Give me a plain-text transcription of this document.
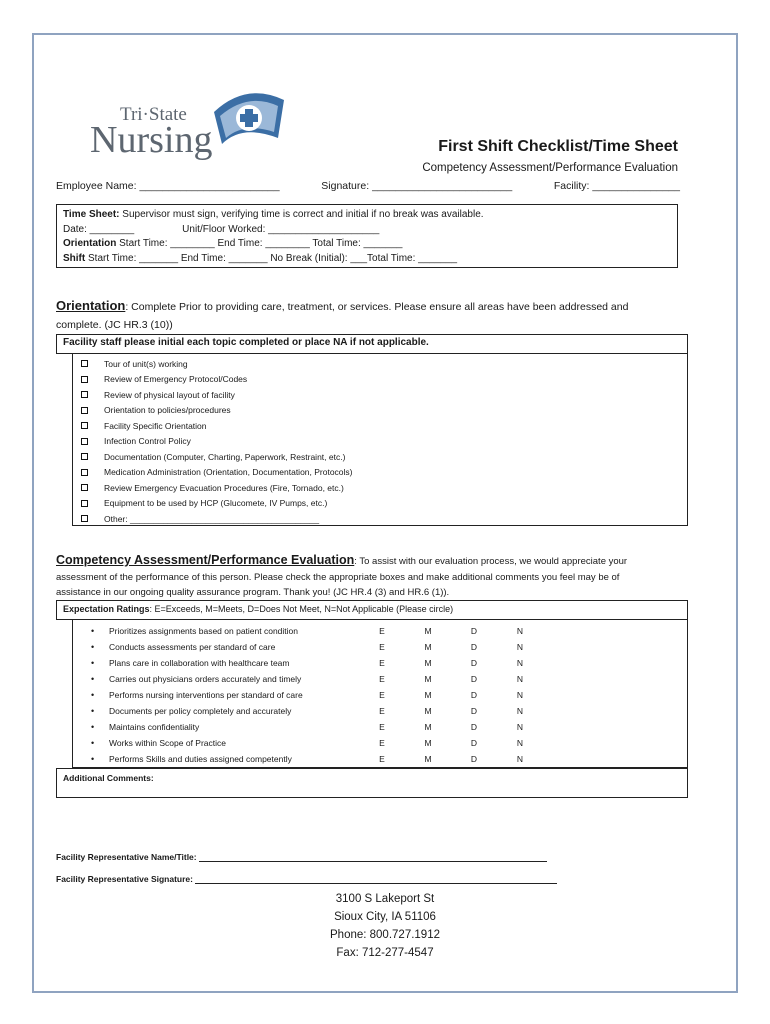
Tri·State
Nursing	First Shift Checklist/Time Sheet
Competency Assessment/Performance Evaluation
Employee Name: ________________________	Signature: ________________________	Facility: _______________
Time Sheet: Supervisor must sign, verifying time is correct and initial if no break was available.
Date: ________	Unit/Floor Worked: ____________________
Orientation Start Time: ________ End Time: ________ Total Time: _______
Shift Start Time: _______ End Time: _______ No Break (Initial): ___Total Time: _______
Orientation: Complete Prior to providing care, treatment, or services. Please ensure all areas have been addressed and complete. (JC HR.3 (10))
Facility staff please initial each topic completed or place NA if not applicable.
Tour of unit(s) working
Review of Emergency Protocol/Codes
Review of physical layout of facility
Orientation to policies/procedures
Facility Specific Orientation
Infection Control Policy
Documentation (Computer, Charting, Paperwork, Restraint, etc.)
Medication Administration (Orientation, Documentation, Protocols)
Review Emergency Evacuation Procedures (Fire, Tornado, etc.)
Equipment to be used by HCP (Glucomete, IV Pumps, etc.)
Other: ________________________________________
Competency Assessment/Performance Evaluation: To assist with our evaluation process, we would appreciate your assessment of the performance of this person. Please check the appropriate boxes and make additional comments you feel may be of assistance in our ongoing quality assurance program. Thank you! (JC HR.4 (3) and HR.6 (1)).
Expectation Ratings: E=Exceeds, M=Meets, D=Does Not Meet, N=Not Applicable (Please circle)
•	Prioritizes assignments based on patient condition	E	M	D	N
•	Conducts assessments per standard of care	E	M	D	N
•	Plans care in collaboration with healthcare team	E	M	D	N
•	Carries out physicians orders accurately and timely	E	M	D	N
•	Performs nursing interventions per standard of care	E	M	D	N
•	Documents per policy completely and accurately	E	M	D	N
•	Maintains confidentiality	E	M	D	N
•	Works within Scope of Practice	E	M	D	N
•	Performs Skills and duties assigned competently	E	M	D	N
Additional Comments:
Facility Representative Name/Title:
Facility Representative Signature:
3100 S Lakeport St
Sioux City, IA 51106
Phone: 800.727.1912
Fax: 712-277-4547
